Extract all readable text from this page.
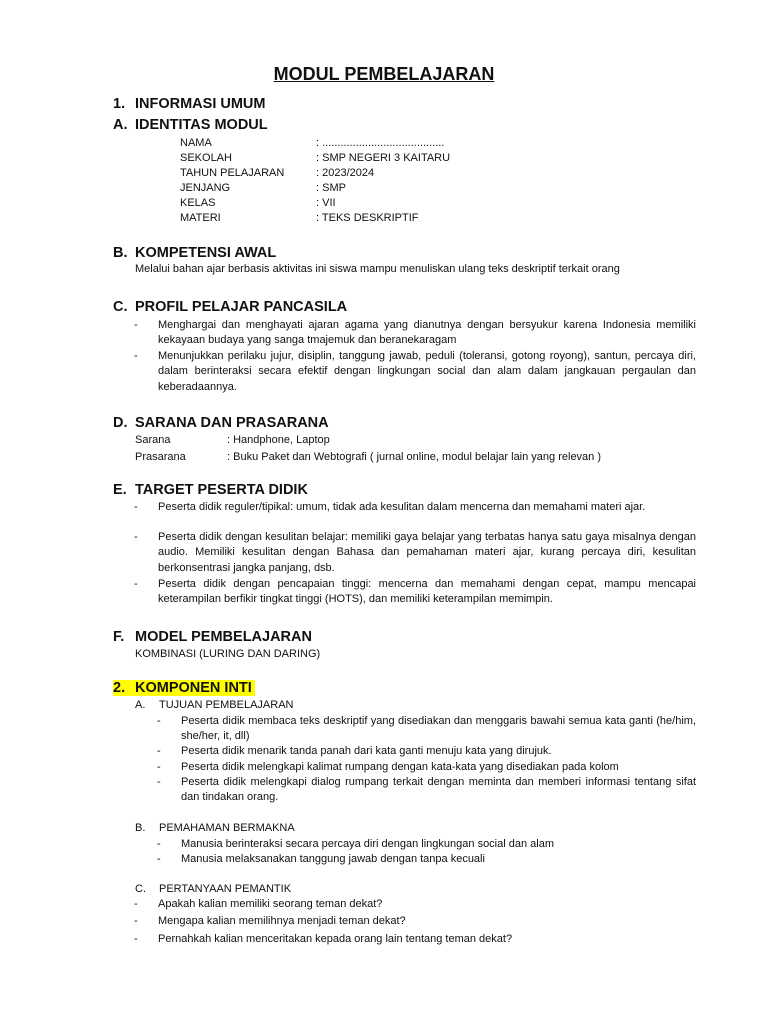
MODUL PEMBELAJARAN
1. INFORMASI UMUM
A. IDENTITAS MODUL
NAMA	: ........................................
SEKOLAH	: SMP NEGERI 3 KAITARU
TAHUN PELAJARAN	: 2023/2024
JENJANG	: SMP
KELAS	: VII
MATERI	: TEKS DESKRIPTIF
B. KOMPETENSI AWAL
Melalui bahan ajar berbasis aktivitas ini siswa mampu menuliskan ulang teks deskriptif terkait orang
C. PROFIL PELAJAR PANCASILA
- Menghargai dan menghayati ajaran agama yang dianutnya dengan bersyukur karena Indonesia memiliki kekayaan budaya yang sanga tmajemuk dan beranekaragam
- Menunjukkan perilaku jujur, disiplin, tanggung jawab, peduli (toleransi, gotong royong), santun, percaya diri, dalam berinteraksi secara efektif dengan lingkungan social dan alam dalam jangkauan pergaulan dan keberadaannya.
D. SARANA DAN PRASARANA
Sarana	: Handphone, Laptop
Prasarana	: Buku Paket dan Webtografi ( jurnal online, modul belajar lain yang relevan )
E. TARGET PESERTA DIDIK
- Peserta didik reguler/tipikal: umum, tidak ada kesulitan dalam mencerna dan memahami materi ajar.
- Peserta didik dengan kesulitan belajar: memiliki gaya belajar yang terbatas hanya satu gaya misalnya dengan audio. Memiliki kesulitan dengan Bahasa dan pemahaman materi ajar, kurang percaya diri, kesulitan berkonsentrasi jangka panjang, dsb.
- Peserta didik dengan pencapaian tinggi: mencerna dan memahami dengan cepat, mampu mencapai keterampilan berfikir tingkat tinggi (HOTS), dan memiliki keterampilan memimpin.
F. MODEL PEMBELAJARAN
KOMBINASI (LURING DAN DARING)
2. KOMPONEN INTI
A. TUJUAN PEMBELAJARAN
- Peserta didik membaca teks deskriptif yang disediakan dan menggaris bawahi semua kata ganti (he/him, she/her, it, dll)
- Peserta didik menarik tanda panah dari kata ganti menuju kata yang dirujuk.
- Peserta didik melengkapi kalimat rumpang dengan kata-kata yang disediakan pada kolom
- Peserta didik melengkapi dialog rumpang terkait dengan meminta dan memberi informasi tentang sifat dan tindakan orang.
B. PEMAHAMAN BERMAKNA
- Manusia berinteraksi secara percaya diri dengan lingkungan social dan alam
- Manusia melaksanakan tanggung jawab dengan tanpa kecuali
C. PERTANYAAN PEMANTIK
- Apakah kalian memiliki seorang teman dekat?
- Mengapa kalian memilihnya menjadi teman dekat?
- Pernahkah kalian menceritakan kepada orang lain tentang teman dekat?
